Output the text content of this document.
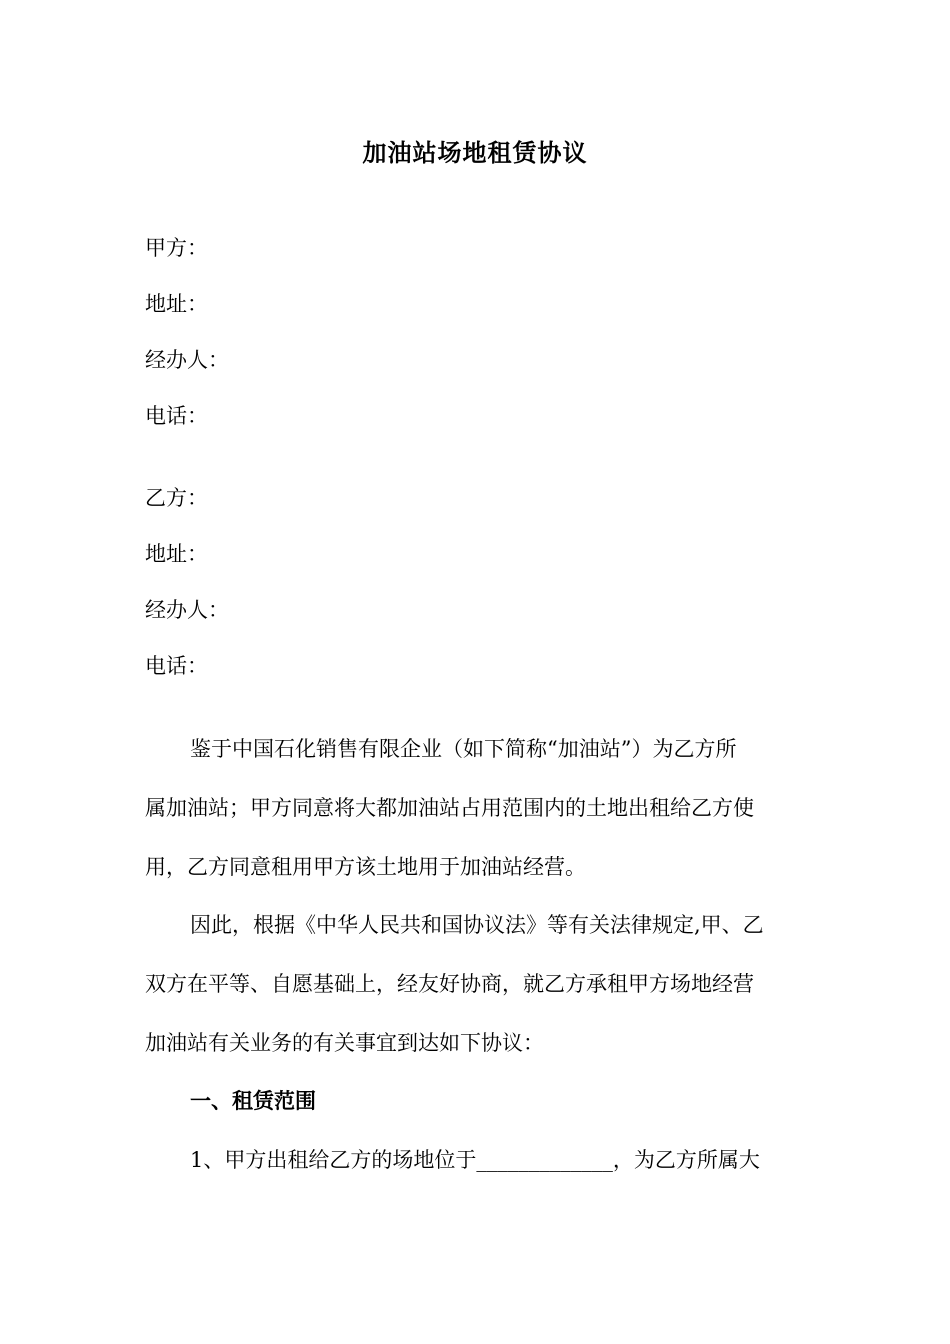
加油站场地租赁协议
甲方：
地址：
经办人：
电话：
乙方：
地址：
经办人：
电话：
鉴于中国石化销售有限企业（如下简称“加油站”）为乙方所
属加油站；甲方同意将大都加油站占用范围内的土地出租给乙方使
用，乙方同意租用甲方该土地用于加油站经营。
因此，根据《中华人民共和国协议法》等有关法律规定,甲、乙
双方在平等、自愿基础上，经友好协商，就乙方承租甲方场地经营
加油站有关业务的有关事宜到达如下协议：
一、租赁范围
1、甲方出租给乙方的场地位于_____________，为乙方所属大
